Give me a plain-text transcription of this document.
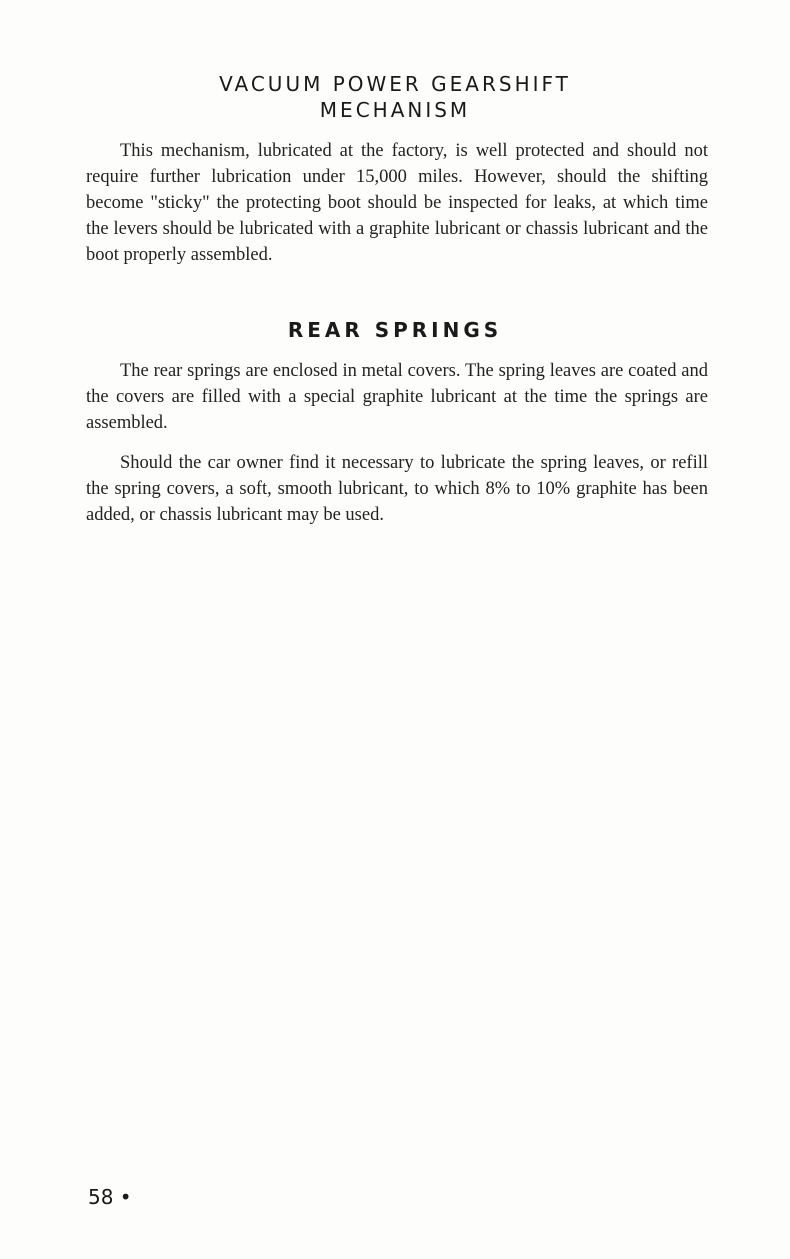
VACUUM POWER GEARSHIFT
MECHANISM

This mechanism, lubricated at the factory, is well protected and should not require further lubrication under 15,000 miles. However, should the shifting become "sticky" the protecting boot should be inspected for leaks, at which time the levers should be lubricated with a graphite lubricant or chassis lubricant and the boot properly assembled.

REAR SPRINGS

The rear springs are enclosed in metal covers. The spring leaves are coated and the covers are filled with a special graphite lubricant at the time the springs are assembled.

Should the car owner find it necessary to lubricate the spring leaves, or refill the spring covers, a soft, smooth lubricant, to which 8% to 10% graphite has been added, or chassis lubricant may be used.

58 •
